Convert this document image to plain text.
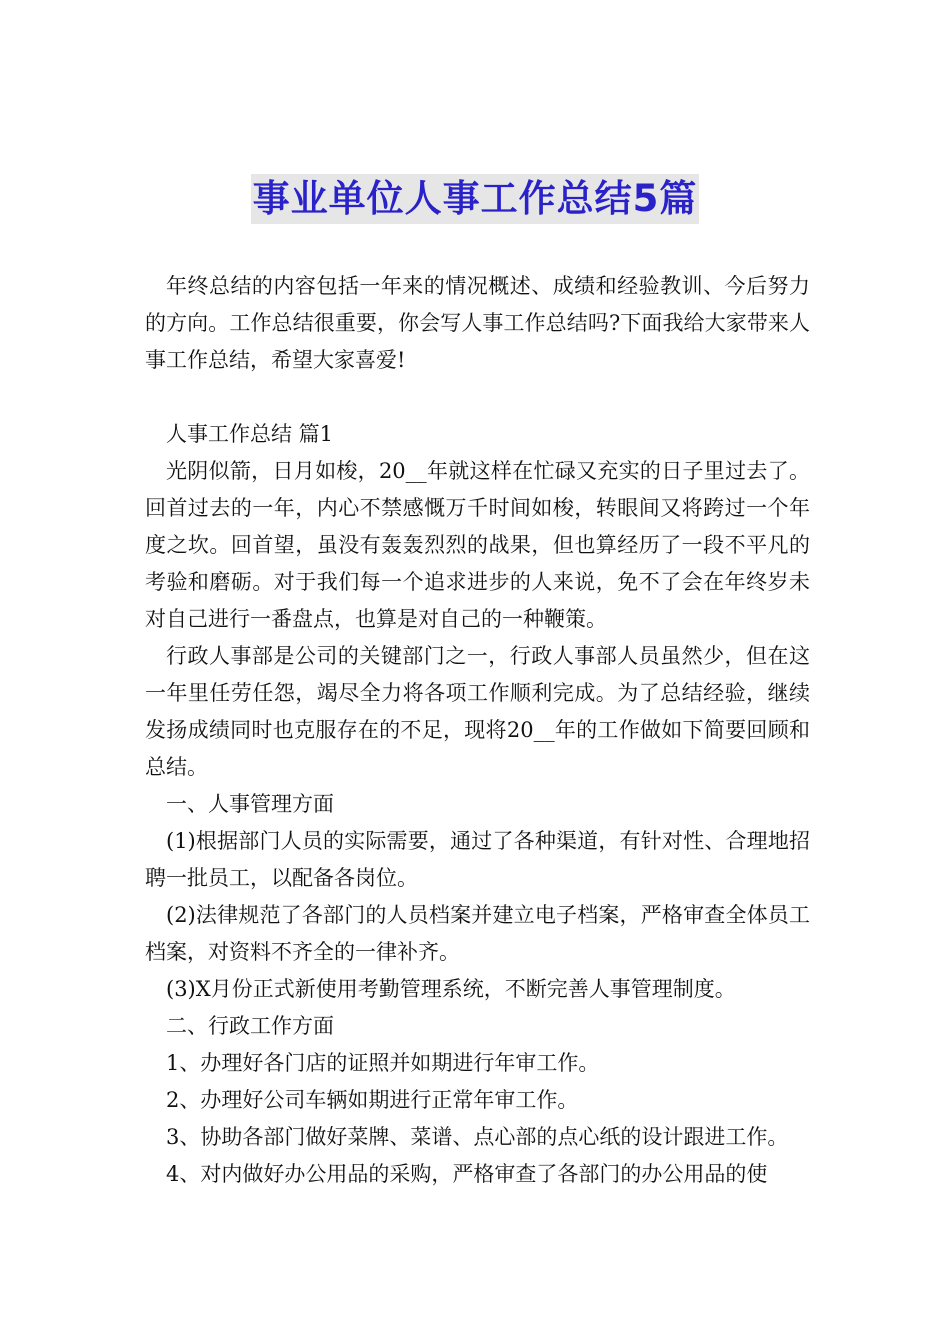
事业单位人事工作总结5篇

年终总结的内容包括一年来的情况概述、成绩和经验教训、今后努力的方向。工作总结很重要，你会写人事工作总结吗?下面我给大家带来人事工作总结，希望大家喜爱!

人事工作总结 篇1

光阴似箭，日月如梭，20__年就这样在忙碌又充实的日子里过去了。回首过去的一年，内心不禁感慨万千时间如梭，转眼间又将跨过一个年度之坎。回首望，虽没有轰轰烈烈的战果，但也算经历了一段不平凡的考验和磨砺。对于我们每一个追求进步的人来说，免不了会在年终岁未对自己进行一番盘点，也算是对自己的一种鞭策。

行政人事部是公司的关键部门之一，行政人事部人员虽然少，但在这一年里任劳任怨，竭尽全力将各项工作顺利完成。为了总结经验，继续发扬成绩同时也克服存在的不足，现将20__年的工作做如下简要回顾和总结。

一、人事管理方面

(1)根据部门人员的实际需要，通过了各种渠道，有针对性、合理地招聘一批员工，以配备各岗位。

(2)法律规范了各部门的人员档案并建立电子档案，严格审查全体员工档案，对资料不齐全的一律补齐。

(3)X月份正式新使用考勤管理系统，不断完善人事管理制度。

二、行政工作方面

1、办理好各门店的证照并如期进行年审工作。

2、办理好公司车辆如期进行正常年审工作。

3、协助各部门做好菜牌、菜谱、点心部的点心纸的设计跟进工作。

4、对内做好办公用品的采购，严格审查了各部门的办公用品的使
